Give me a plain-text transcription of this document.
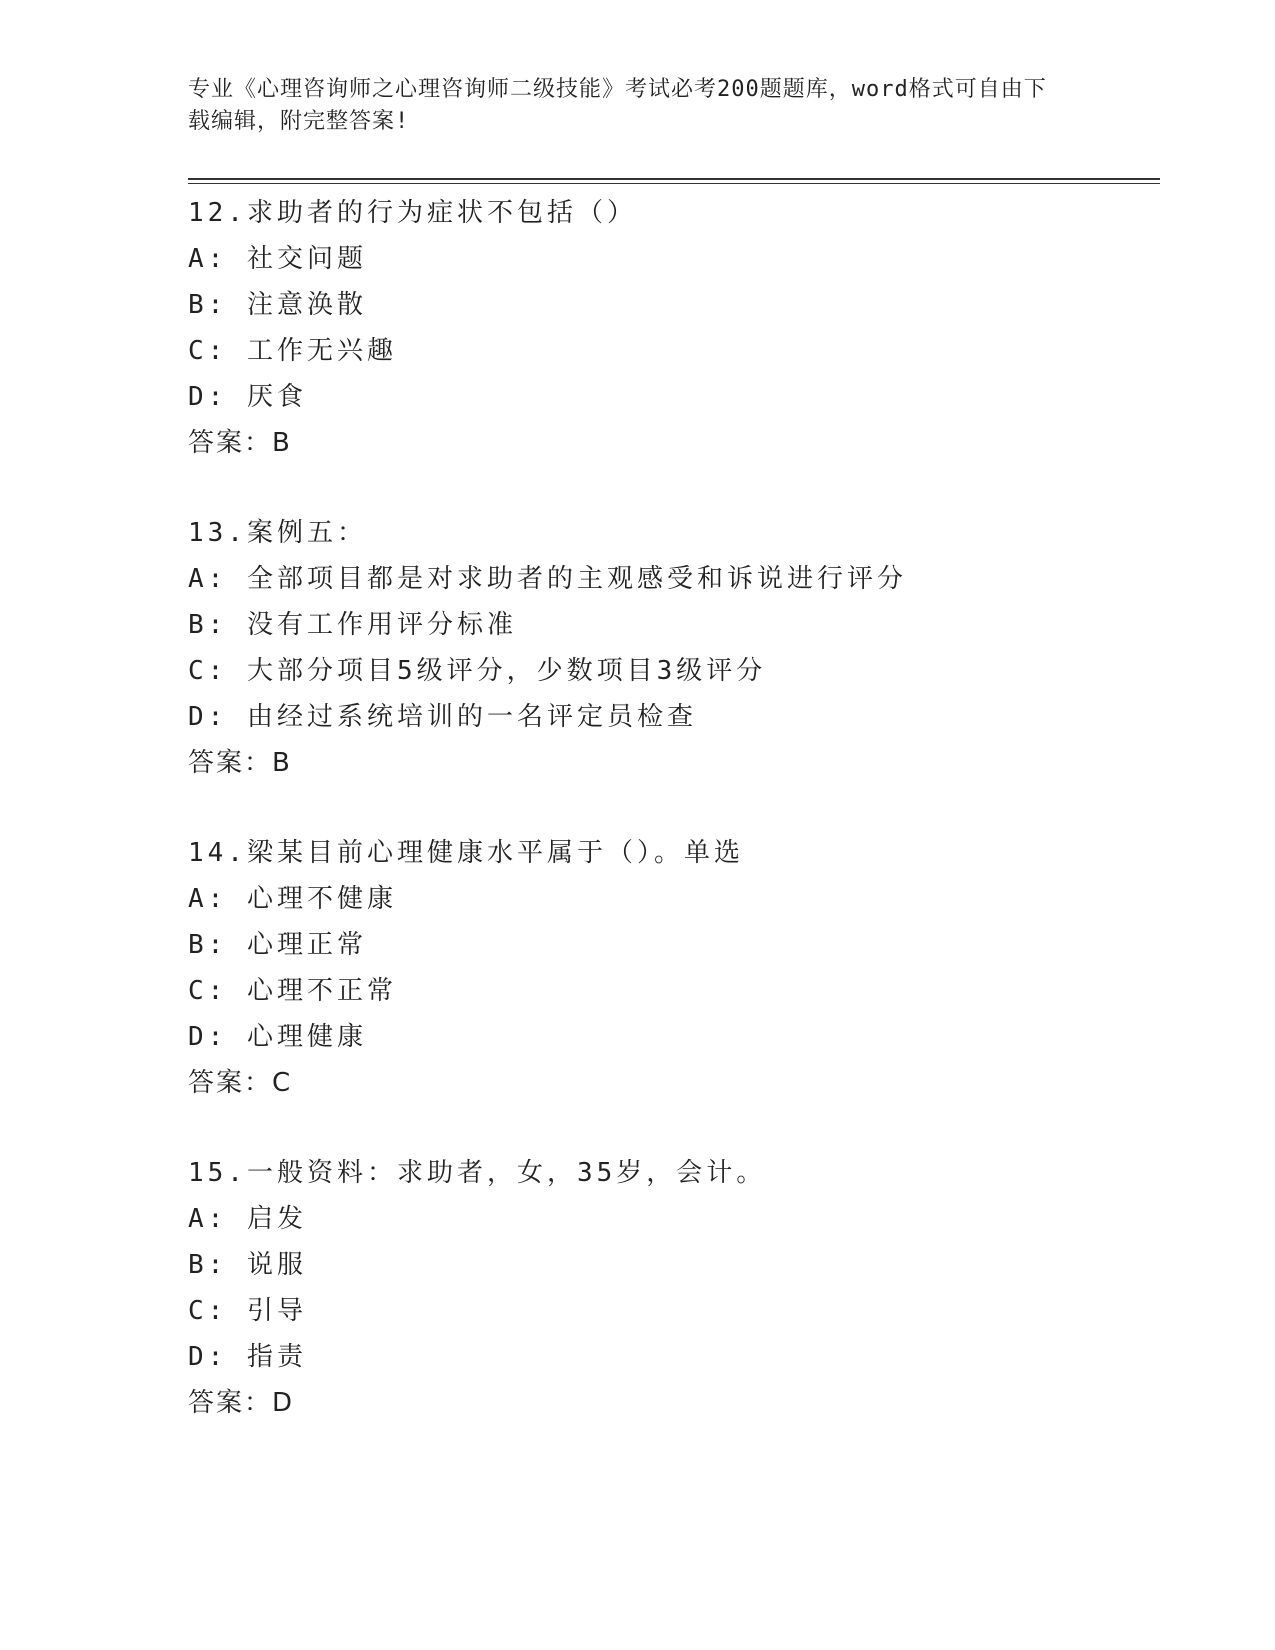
专业《心理咨询师之心理咨询师二级技能》考试必考200题题库，word格式可自由下载编辑，附完整答案!
12.求助者的行为症状不包括（）
A: 社交问题
B: 注意涣散
C: 工作无兴趣
D: 厌食
答案：B
13.案例五：
A: 全部项目都是对求助者的主观感受和诉说进行评分
B: 没有工作用评分标准
C: 大部分项目5级评分，少数项目3级评分
D: 由经过系统培训的一名评定员检查
答案：B
14.梁某目前心理健康水平属于（）。单选
A: 心理不健康
B: 心理正常
C: 心理不正常
D: 心理健康
答案：C
15.一般资料：求助者，女，35岁，会计。
A: 启发
B: 说服
C: 引导
D: 指责
答案：D
